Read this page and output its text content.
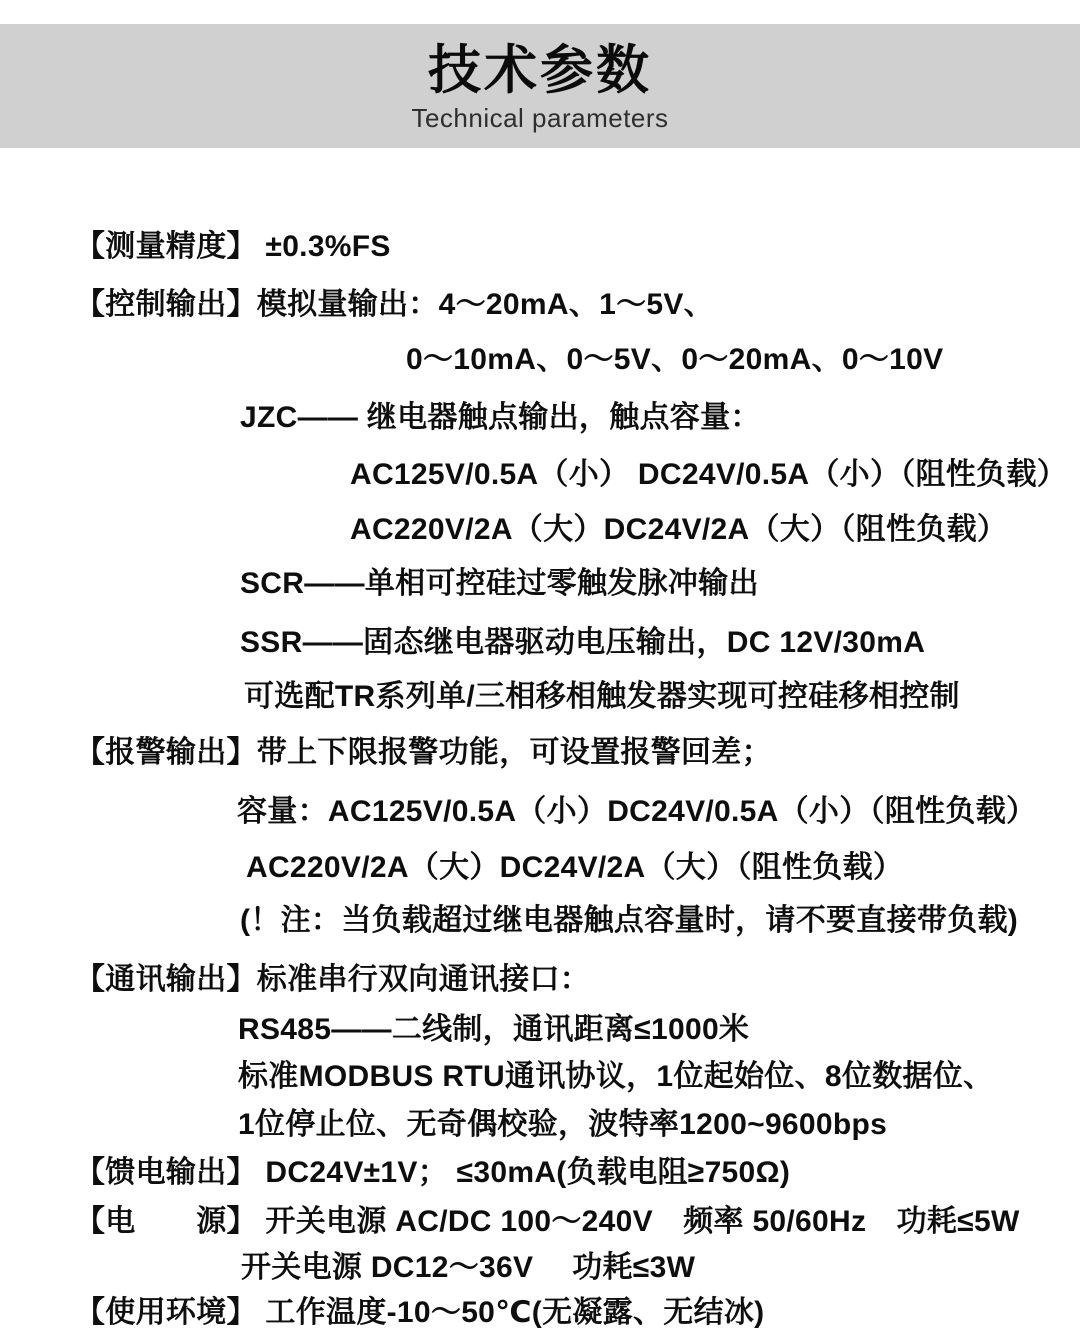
技术参数
Technical parameters
【测量精度】 ±0.3%FS
【控制输出】模拟量输出：4～20mA、1～5V、
0～10mA、0～5V、0～20mA、0～10V
JZC—— 继电器触点输出，触点容量：
AC125V/0.5A（小） DC24V/0.5A（小）（阻性负载）
AC220V/2A（大）DC24V/2A（大）（阻性负载）
SCR——单相可控硅过零触发脉冲输出
SSR——固态继电器驱动电压输出，DC 12V/30mA
可选配TR系列单/三相移相触发器实现可控硅移相控制
【报警输出】带上下限报警功能，可设置报警回差；
容量：AC125V/0.5A（小）DC24V/0.5A（小）（阻性负载）
AC220V/2A（大）DC24V/2A（大）（阻性负载）
(！注：当负载超过继电器触点容量时，请不要直接带负载)
【通讯输出】标准串行双向通讯接口：
RS485——二线制，通讯距离≤1000米
标准MODBUS RTU通讯协议，1位起始位、8位数据位、
1位停止位、无奇偶校验，波特率1200~9600bps
【馈电输出】 DC24V±1V； ≤30mA(负载电阻≥750Ω)
【电　　源】 开关电源 AC/DC 100～240V　频率 50/60Hz　功耗≤5W
开关电源 DC12～36V　 功耗≤3W
【使用环境】 工作温度-10～50℃(无凝露、无结冰)
